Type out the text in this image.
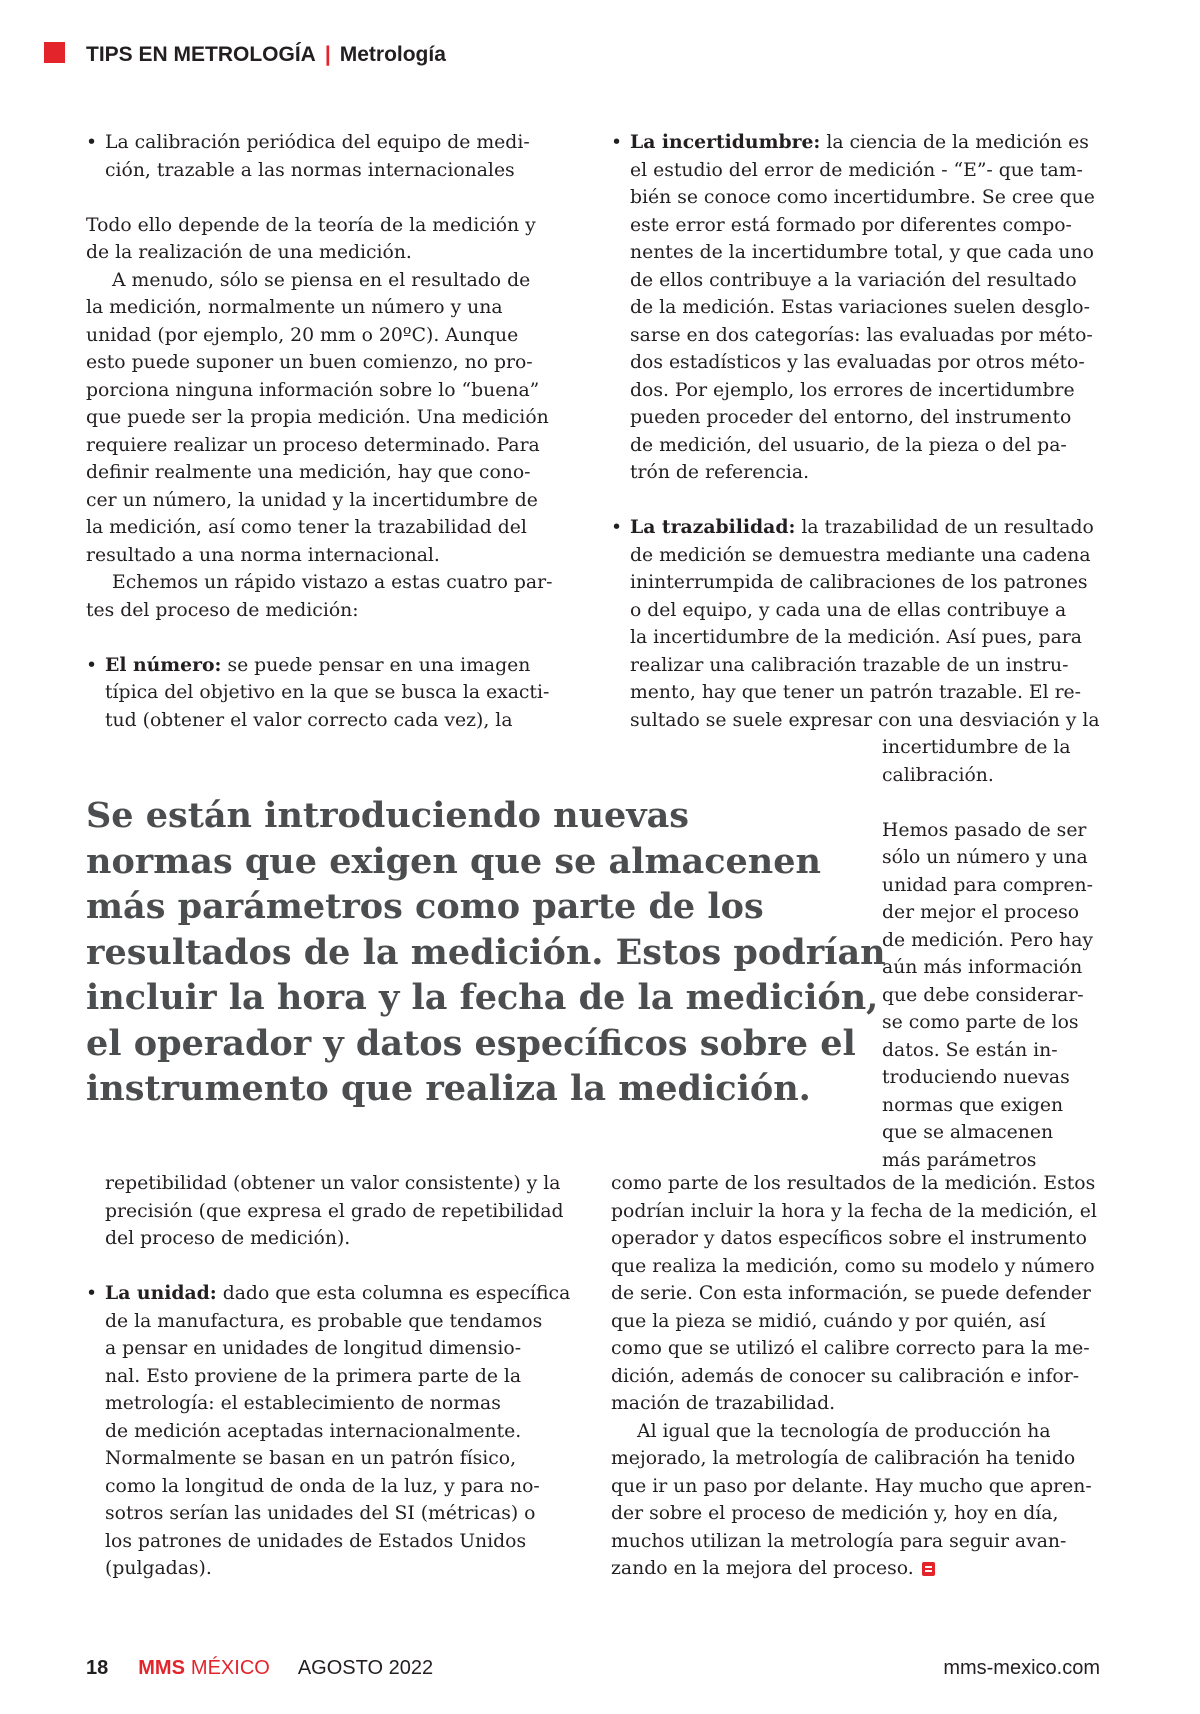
TIPS EN METROLOGÍA | Metrología
• La calibración periódica del equipo de medi-

ción, trazable a las normas internacionales

Todo ello depende de la teoría de la medición y

de la realización de una medición.

A menudo, sólo se piensa en el resultado de

la medición, normalmente un número y una

unidad (por ejemplo, 20 mm o 20ºC). Aunque

esto puede suponer un buen comienzo, no pro-

porciona ninguna información sobre lo “buena”

que puede ser la propia medición. Una medición

requiere realizar un proceso determinado. Para

definir realmente una medición, hay que cono-

cer un número, la unidad y la incertidumbre de

la medición, así como tener la trazabilidad del

resultado a una norma internacional.

Echemos un rápido vistazo a estas cuatro par-

tes del proceso de medición:

• El número: se puede pensar en una imagen

típica del objetivo en la que se busca la exacti-

tud (obtener el valor correcto cada vez), la

• La incertidumbre: la ciencia de la medición es

el estudio del error de medición - “E”- que tam-

bién se conoce como incertidumbre. Se cree que

este error está formado por diferentes compo-

nentes de la incertidumbre total, y que cada uno

de ellos contribuye a la variación del resultado

de la medición. Estas variaciones suelen desglo-

sarse en dos categorías: las evaluadas por méto-

dos estadísticos y las evaluadas por otros méto-

dos. Por ejemplo, los errores de incertidumbre

pueden proceder del entorno, del instrumento

de medición, del usuario, de la pieza o del pa-

trón de referencia.

• La trazabilidad: la trazabilidad de un resultado

de medición se demuestra mediante una cadena

ininterrumpida de calibraciones de los patrones

o del equipo, y cada una de ellas contribuye a

la incertidumbre de la medición. Así pues, para

realizar una calibración trazable de un instru-

mento, hay que tener un patrón trazable. El re-

sultado se suele expresar con una desviación y la

incertidumbre de la

calibración.

Hemos pasado de ser

sólo un número y una

unidad para compren-

der mejor el proceso

de medición. Pero hay

aún más información

que debe considerar-

se como parte de los

datos. Se están in-

troduciendo nuevas

normas que exigen

que se almacenen

más parámetros

Se están introduciendo nuevas

normas que exigen que se almacenen

más parámetros como parte de los

resultados de la medición. Estos podrían

incluir la hora y la fecha de la medición,

el operador y datos específicos sobre el

instrumento que realiza la medición.

repetibilidad (obtener un valor consistente) y la

precisión (que expresa el grado de repetibilidad

del proceso de medición).

• La unidad: dado que esta columna es específica

de la manufactura, es probable que tendamos

a pensar en unidades de longitud dimensio-

nal. Esto proviene de la primera parte de la

metrología: el establecimiento de normas

de medición aceptadas internacionalmente.

Normalmente se basan en un patrón físico,

como la longitud de onda de la luz, y para no-

sotros serían las unidades del SI (métricas) o

los patrones de unidades de Estados Unidos

(pulgadas).

como parte de los resultados de la medición. Estos

podrían incluir la hora y la fecha de la medición, el

operador y datos específicos sobre el instrumento

que realiza la medición, como su modelo y número

de serie. Con esta información, se puede defender

que la pieza se midió, cuándo y por quién, así

como que se utilizó el calibre correcto para la me-

dición, además de conocer su calibración e infor-

mación de trazabilidad.

Al igual que la tecnología de producción ha

mejorado, la metrología de calibración ha tenido

que ir un paso por delante. Hay mucho que apren-

der sobre el proceso de medición y, hoy en día,

muchos utilizan la metrología para seguir avan-

zando en la mejora del proceso.

18 MMS MÉXICO AGOSTO 2022	mms-mexico.com
